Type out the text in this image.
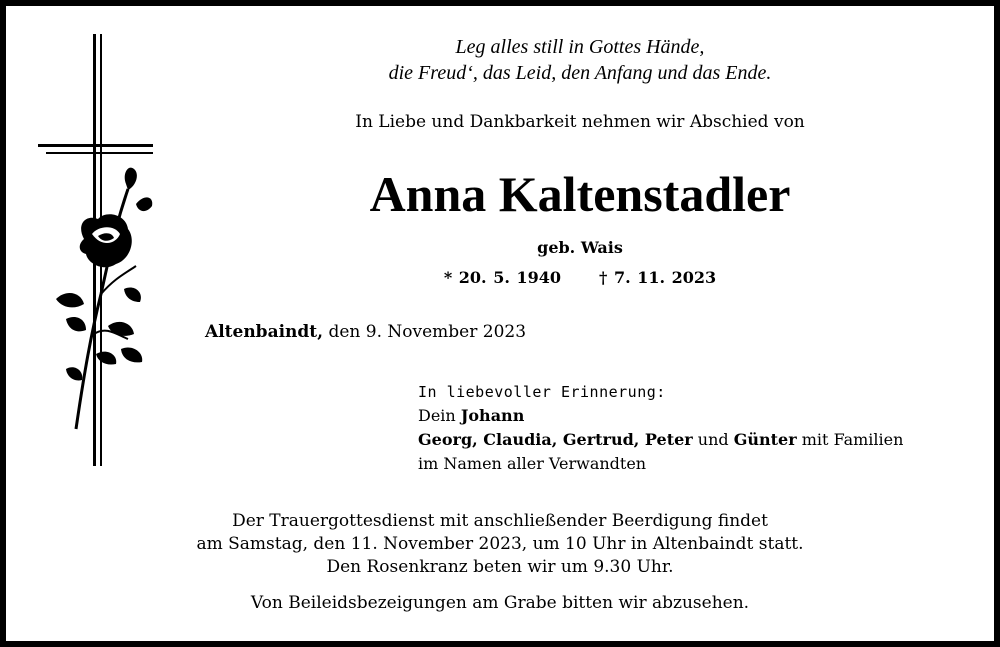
Leg alles still in Gottes Hände,
die Freud‘, das Leid, den Anfang und das Ende.
In Liebe und Dankbarkeit nehmen wir Abschied von
Anna Kaltenstadler
geb. Wais
* 20. 5. 1940 † 7. 11. 2023
Altenbaindt, den 9. November 2023
In liebevoller Erinnerung:
Dein Johann
Georg, Claudia, Gertrud, Peter und Günter mit Familien
im Namen aller Verwandten
Der Trauergottesdienst mit anschließender Beerdigung findet
am Samstag, den 11. November 2023, um 10 Uhr in Altenbaindt statt.
Den Rosenkranz beten wir um 9.30 Uhr.
Von Beileidsbezeigungen am Grabe bitten wir abzusehen.
